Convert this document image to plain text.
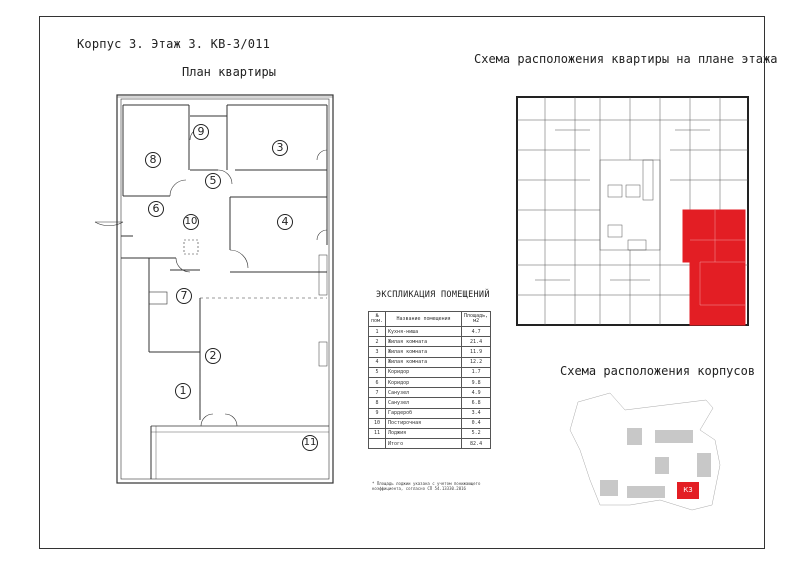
Корпус 3. Этаж 3. КВ-3/011
План квартиры
Схема расположения квартиры на плане этажа
Схема расположения корпусов
1
2
3
4
5
6
7
8
9
10
11
ЭКСПЛИКАЦИЯ ПОМЕЩЕНИЙ
№ пом.	Название помещения	Площадь, м2
1	Кухня-ниша	4.7
2	Жилая комната	21.4
3	Жилая комната	11.9
4	Жилая комната	12.2
5	Коридор	1.7
6	Коридор	9.8
7	Санузел	4.9
8	Санузел	6.8
9	Гардероб	3.4
10	Постирочная	0.4
11	Лоджия	5.2
	Итого	82.4
* Площадь лоджии указана с учетом понижающего коэффициента, согласно СП 54.13330.2016	К3
